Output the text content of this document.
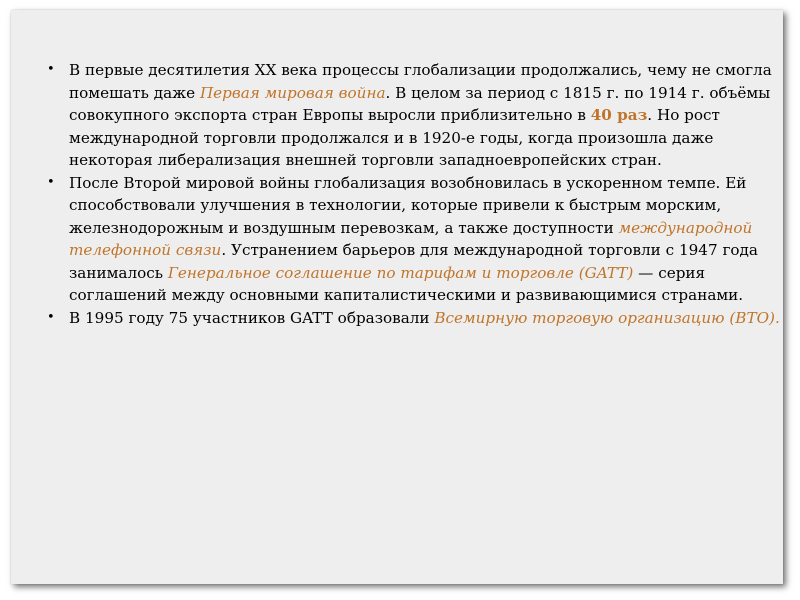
• В первые десятилетия XX века процессы глобализации продолжались, чему не смогла помешать даже Первая мировая война. В целом за период с 1815 г. по 1914 г. объёмы совокупного экспорта стран Европы выросли приблизительно в 40 раз. Но рост международной торговли продолжался и в 1920-е годы, когда произошла даже некоторая либерализация внешней торговли западноевропейских стран.
• После Второй мировой войны глобализация возобновилась в ускоренном темпе. Ей способствовали улучшения в технологии, которые привели к быстрым морским, железнодорожным и воздушным перевозкам, а также доступности международной телефонной связи. Устранением барьеров для международной торговли с 1947 года занималось Генеральное соглашение по тарифам и торговле (GATT) — серия соглашений между основными капиталистическими и развивающимися странами.
• В 1995 году 75 участников GATT образовали Всемирную торговую организацию (ВТО).
